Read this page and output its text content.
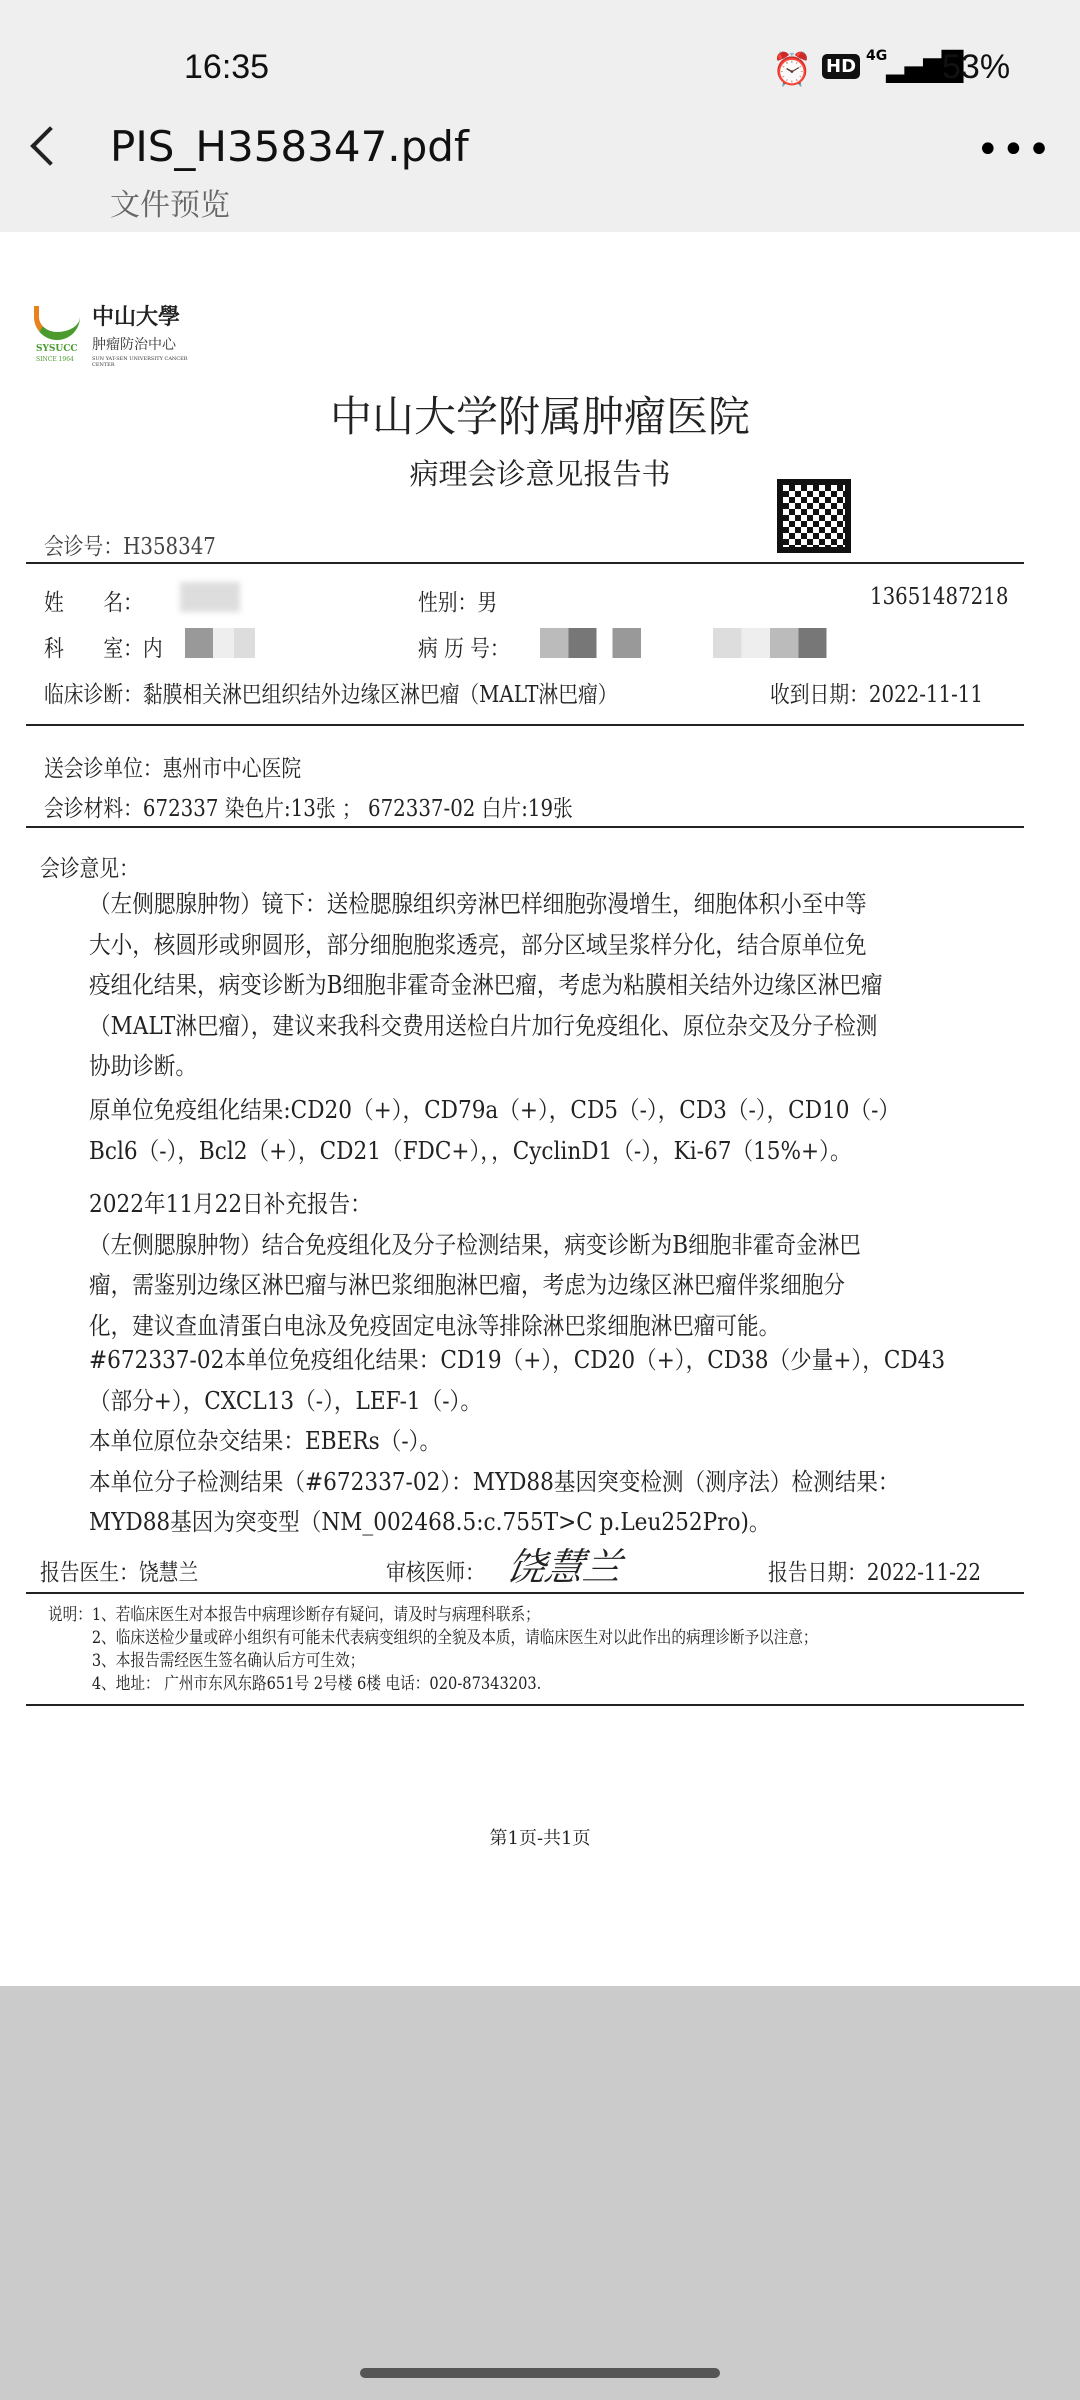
16:35	⏰ HD 4G
▂▄▆█
53%
PIS_H358347.pdf
文件预览
•••
中山大學
肿瘤防治中心
SYSUCC
SINCE 1964	SUN YAT-SEN UNIVERSITY CANCER CENTER
中山大学附属肿瘤医院
病理会诊意见报告书
会诊号：H358347
姓　　名：	性别：男	13651487218
科　　室：内	病 历 号：
临床诊断：黏膜相关淋巴组织结外边缘区淋巴瘤（MALT淋巴瘤）	收到日期：2022-11-11
送会诊单位：惠州市中心医院
会诊材料：672337 染色片:13张 ； 672337-02 白片:19张
会诊意见：
（左侧腮腺肿物）镜下：送检腮腺组织旁淋巴样细胞弥漫增生，细胞体积小至中等
大小，核圆形或卵圆形，部分细胞胞浆透亮，部分区域呈浆样分化，结合原单位免
疫组化结果，病变诊断为B细胞非霍奇金淋巴瘤，考虑为粘膜相关结外边缘区淋巴瘤
（MALT淋巴瘤），建议来我科交费用送检白片加行免疫组化、原位杂交及分子检测
协助诊断。
原单位免疫组化结果:CD20（+），CD79a（+），CD5（-），CD3（-），CD10（-）
Bcl6（-），Bcl2（+），CD21（FDC+），，CyclinD1（-），Ki-67（15%+）。
2022年11月22日补充报告：
（左侧腮腺肿物）结合免疫组化及分子检测结果，病变诊断为B细胞非霍奇金淋巴
瘤，需鉴别边缘区淋巴瘤与淋巴浆细胞淋巴瘤，考虑为边缘区淋巴瘤伴浆细胞分
化，建议查血清蛋白电泳及免疫固定电泳等排除淋巴浆细胞淋巴瘤可能。
#672337-02本单位免疫组化结果：CD19（+），CD20（+），CD38（少量+），CD43
（部分+），CXCL13（-），LEF-1（-）。
本单位原位杂交结果：EBERs（-）。
本单位分子检测结果（#672337-02）：MYD88基因突变检测（测序法）检测结果：
MYD88基因为突变型（NM_002468.5:c.755T>C p.Leu252Pro)。
报告医生：饶慧兰	审核医师： 饶慧兰	报告日期：2022-11-22
说明：1、若临床医生对本报告中病理诊断存有疑问，请及时与病理科联系；
　　　2、临床送检少量或碎小组织有可能未代表病变组织的全貌及本质，请临床医生对以此作出的病理诊断予以注意；
　　　3、本报告需经医生签名确认后方可生效；
　　　4、地址： 广州市东风东路651号 2号楼 6楼 电话：020-87343203.
第1页-共1页
